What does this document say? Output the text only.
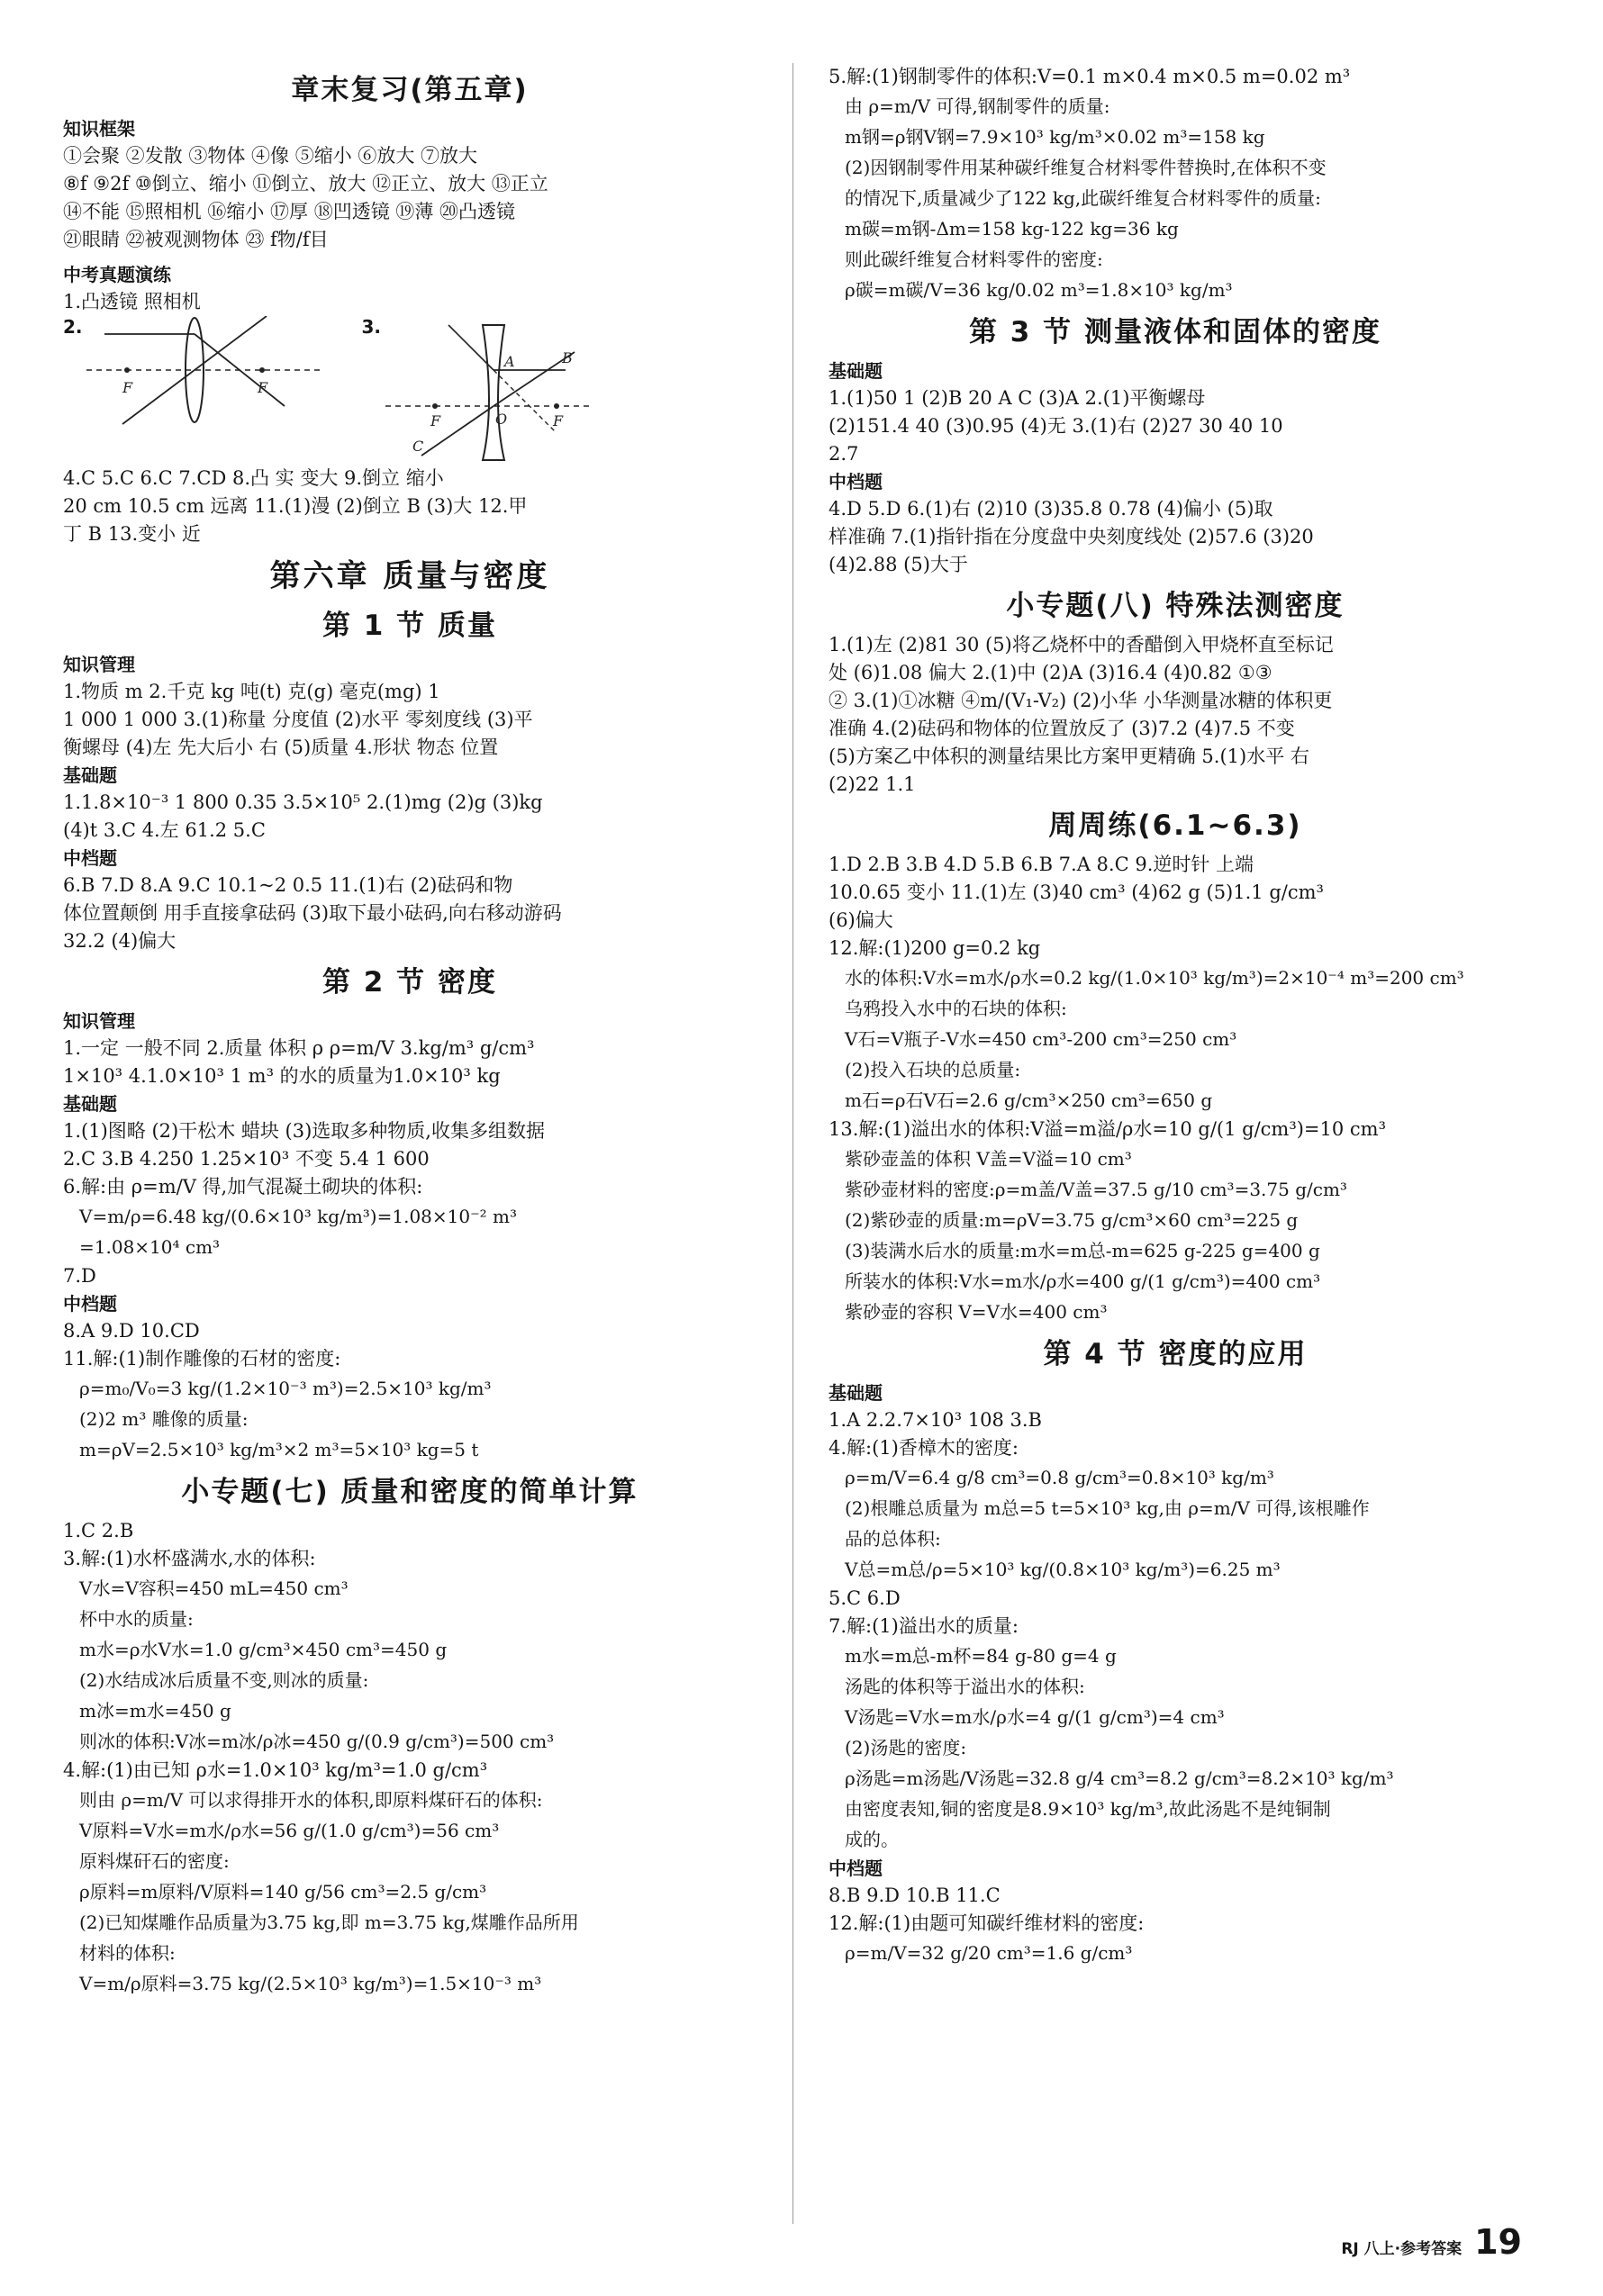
章末复习(第五章)
知识框架
①会聚 ②发散 ③物体 ④像 ⑤缩小 ⑥放大 ⑦放大
⑧f ⑨2f ⑩倒立、缩小 ⑪倒立、放大 ⑫正立、放大 ⑬正立
⑭不能 ⑮照相机 ⑯缩小 ⑰厚 ⑱凹透镜 ⑲薄 ⑳凸透镜
㉑眼睛 ㉒被观测物体 ㉓ f物/f目
中考真题演练
1.凸透镜 照相机
2.
F	F
3.
F	F
O
A	B
C
4.C 5.C 6.C 7.CD 8.凸 实 变大 9.倒立 缩小
20 cm 10.5 cm 远离 11.(1)漫 (2)倒立 B (3)大 12.甲
丁 B 13.变小 近
第六章 质量与密度
第 1 节 质量
知识管理
1.物质 m 2.千克 kg 吨(t) 克(g) 毫克(mg) 1
1 000 1 000 3.(1)称量 分度值 (2)水平 零刻度线 (3)平
衡螺母 (4)左 先大后小 右 (5)质量 4.形状 物态 位置
基础题
1.1.8×10⁻³ 1 800 0.35 3.5×10⁵ 2.(1)mg (2)g (3)kg
(4)t 3.C 4.左 61.2 5.C
中档题
6.B 7.D 8.A 9.C 10.1~2 0.5 11.(1)右 (2)砝码和物
体位置颠倒 用手直接拿砝码 (3)取下最小砝码,向右移动游码
32.2 (4)偏大
第 2 节 密度
知识管理
1.一定 一般不同 2.质量 体积 ρ ρ=m/V 3.kg/m³ g/cm³
1×10³ 4.1.0×10³ 1 m³ 的水的质量为1.0×10³ kg
基础题
1.(1)图略 (2)干松木 蜡块 (3)选取多种物质,收集多组数据
2.C 3.B 4.250 1.25×10³ 不变 5.4 1 600
6.解:由 ρ=m/V 得,加气混凝土砌块的体积:
V=m/ρ=6.48 kg/(0.6×10³ kg/m³)=1.08×10⁻² m³
=1.08×10⁴ cm³
7.D
中档题
8.A 9.D 10.CD
11.解:(1)制作雕像的石材的密度:
ρ=m₀/V₀=3 kg/(1.2×10⁻³ m³)=2.5×10³ kg/m³
(2)2 m³ 雕像的质量:
m=ρV=2.5×10³ kg/m³×2 m³=5×10³ kg=5 t
小专题(七) 质量和密度的简单计算
1.C 2.B
3.解:(1)水杯盛满水,水的体积:
V水=V容积=450 mL=450 cm³
杯中水的质量:
m水=ρ水V水=1.0 g/cm³×450 cm³=450 g
(2)水结成冰后质量不变,则冰的质量:
m冰=m水=450 g
则冰的体积:V冰=m冰/ρ冰=450 g/(0.9 g/cm³)=500 cm³
4.解:(1)由已知 ρ水=1.0×10³ kg/m³=1.0 g/cm³
则由 ρ=m/V 可以求得排开水的体积,即原料煤矸石的体积:
V原料=V水=m水/ρ水=56 g/(1.0 g/cm³)=56 cm³
原料煤矸石的密度:
ρ原料=m原料/V原料=140 g/56 cm³=2.5 g/cm³
(2)已知煤雕作品质量为3.75 kg,即 m=3.75 kg,煤雕作品所用
材料的体积:
V=m/ρ原料=3.75 kg/(2.5×10³ kg/m³)=1.5×10⁻³ m³
5.解:(1)钢制零件的体积:V=0.1 m×0.4 m×0.5 m=0.02 m³
由 ρ=m/V 可得,钢制零件的质量:
m钢=ρ钢V钢=7.9×10³ kg/m³×0.02 m³=158 kg
(2)因钢制零件用某种碳纤维复合材料零件替换时,在体积不变
的情况下,质量减少了122 kg,此碳纤维复合材料零件的质量:
m碳=m钢-Δm=158 kg-122 kg=36 kg
则此碳纤维复合材料零件的密度:
ρ碳=m碳/V=36 kg/0.02 m³=1.8×10³ kg/m³
第 3 节 测量液体和固体的密度
基础题
1.(1)50 1 (2)B 20 A C (3)A 2.(1)平衡螺母
(2)151.4 40 (3)0.95 (4)无 3.(1)右 (2)27 30 40 10
2.7
中档题
4.D 5.D 6.(1)右 (2)10 (3)35.8 0.78 (4)偏小 (5)取
样准确 7.(1)指针指在分度盘中央刻度线处 (2)57.6 (3)20
(4)2.88 (5)大于
小专题(八) 特殊法测密度
1.(1)左 (2)81 30 (5)将乙烧杯中的香醋倒入甲烧杯直至标记
处 (6)1.08 偏大 2.(1)中 (2)A (3)16.4 (4)0.82 ①③
② 3.(1)①冰糖 ④m/(V₁-V₂) (2)小华 小华测量冰糖的体积更
准确 4.(2)砝码和物体的位置放反了 (3)7.2 (4)7.5 不变
(5)方案乙中体积的测量结果比方案甲更精确 5.(1)水平 右
(2)22 1.1
周周练(6.1~6.3)
1.D 2.B 3.B 4.D 5.B 6.B 7.A 8.C 9.逆时针 上端
10.0.65 变小 11.(1)左 (3)40 cm³ (4)62 g (5)1.1 g/cm³
(6)偏大
12.解:(1)200 g=0.2 kg
水的体积:V水=m水/ρ水=0.2 kg/(1.0×10³ kg/m³)=2×10⁻⁴ m³=200 cm³
乌鸦投入水中的石块的体积:
V石=V瓶子-V水=450 cm³-200 cm³=250 cm³
(2)投入石块的总质量:
m石=ρ石V石=2.6 g/cm³×250 cm³=650 g
13.解:(1)溢出水的体积:V溢=m溢/ρ水=10 g/(1 g/cm³)=10 cm³
紫砂壶盖的体积 V盖=V溢=10 cm³
紫砂壶材料的密度:ρ=m盖/V盖=37.5 g/10 cm³=3.75 g/cm³
(2)紫砂壶的质量:m=ρV=3.75 g/cm³×60 cm³=225 g
(3)装满水后水的质量:m水=m总-m=625 g-225 g=400 g
所装水的体积:V水=m水/ρ水=400 g/(1 g/cm³)=400 cm³
紫砂壶的容积 V=V水=400 cm³
第 4 节 密度的应用
基础题
1.A 2.2.7×10³ 108 3.B
4.解:(1)香樟木的密度:
ρ=m/V=6.4 g/8 cm³=0.8 g/cm³=0.8×10³ kg/m³
(2)根雕总质量为 m总=5 t=5×10³ kg,由 ρ=m/V 可得,该根雕作
品的总体积:
V总=m总/ρ=5×10³ kg/(0.8×10³ kg/m³)=6.25 m³
5.C 6.D
7.解:(1)溢出水的质量:
m水=m总-m杯=84 g-80 g=4 g
汤匙的体积等于溢出水的体积:
V汤匙=V水=m水/ρ水=4 g/(1 g/cm³)=4 cm³
(2)汤匙的密度:
ρ汤匙=m汤匙/V汤匙=32.8 g/4 cm³=8.2 g/cm³=8.2×10³ kg/m³
由密度表知,铜的密度是8.9×10³ kg/m³,故此汤匙不是纯铜制
成的。
中档题
8.B 9.D 10.B 11.C
12.解:(1)由题可知碳纤维材料的密度:
ρ=m/V=32 g/20 cm³=1.6 g/cm³
RJ 八上·参考答案 19
